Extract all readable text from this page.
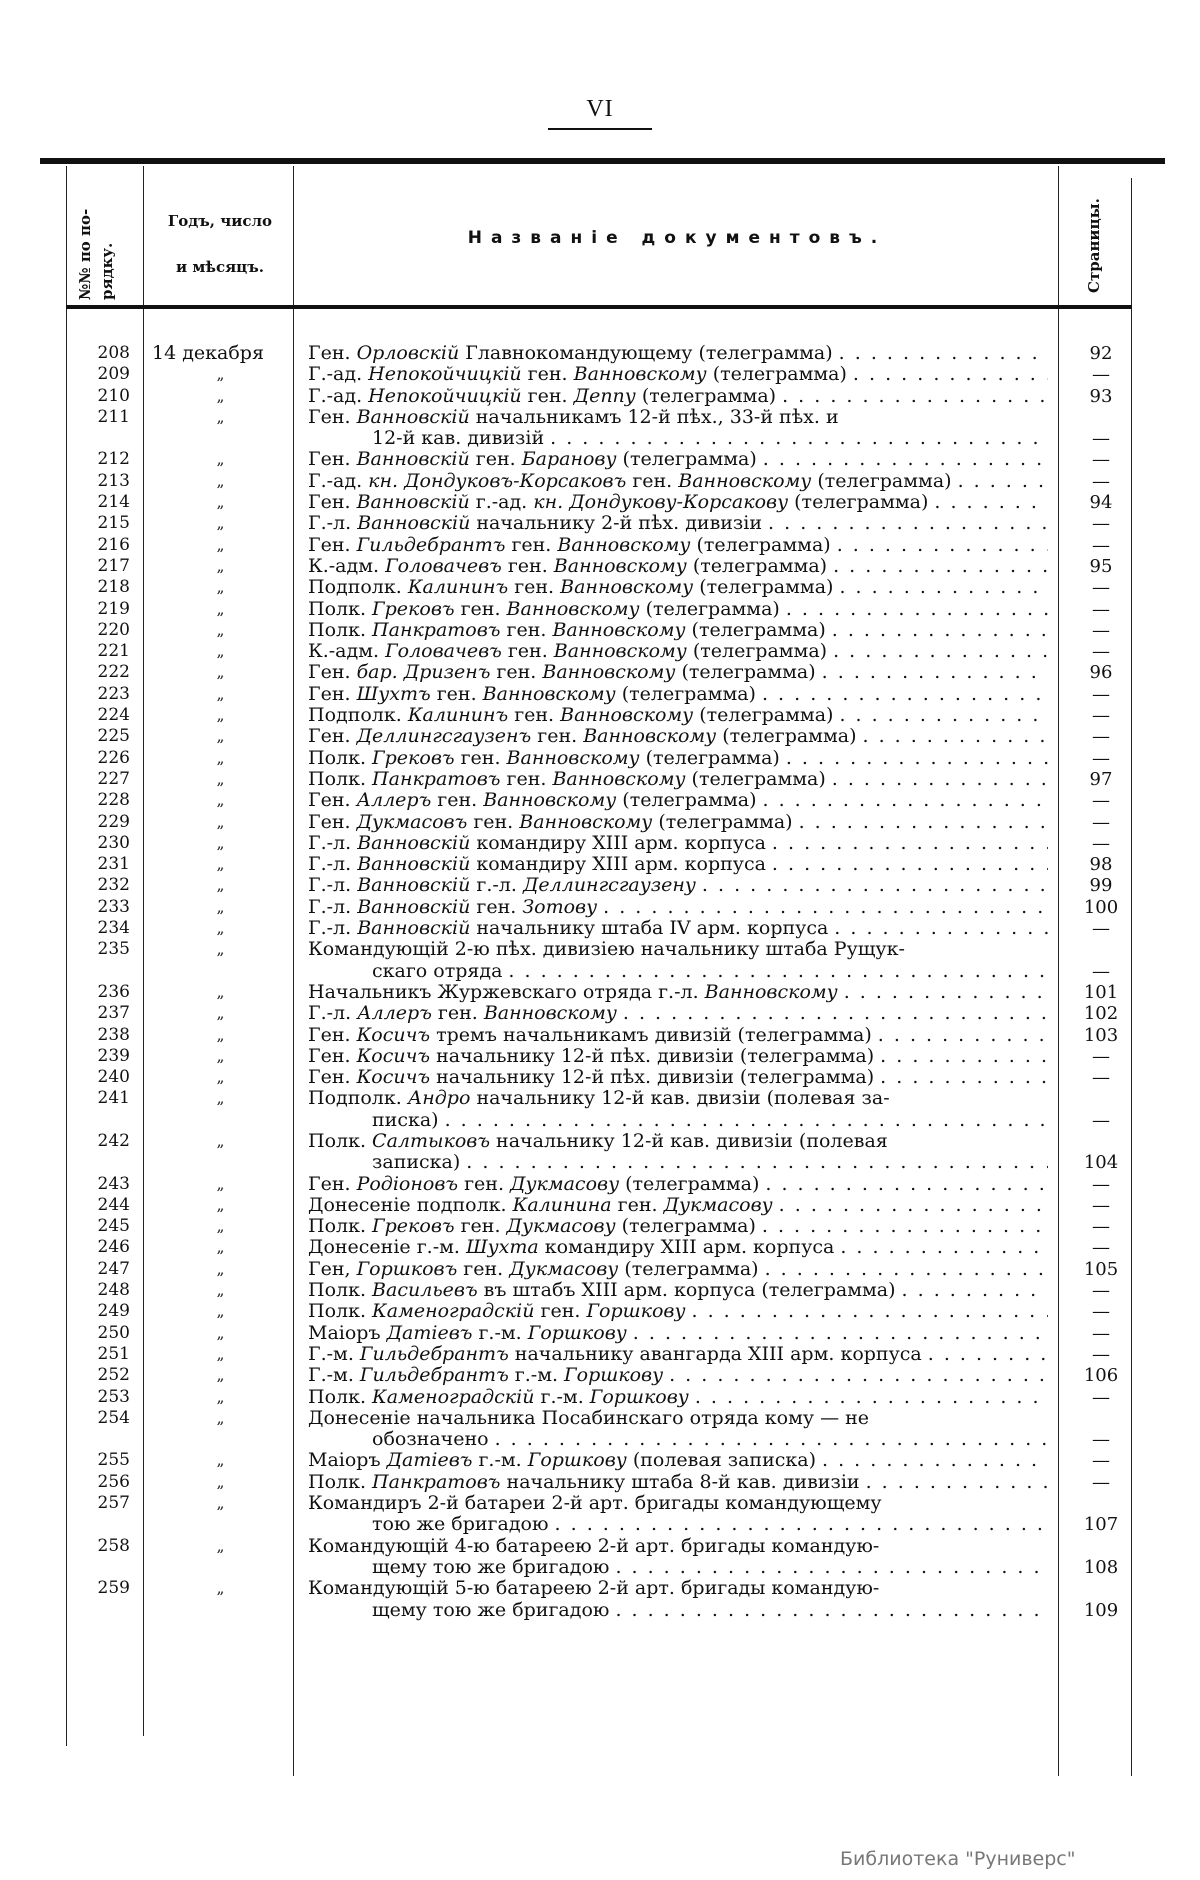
VI
№№ по по- рядку.
Годъ, число
и мѣсяцъ.
Названіе документовъ.	Страницы.
208 14 декабря	Ген. Орловскій Главнокомандующему (телеграмма) . . .	92
209	„	Г.-ад. Непокойчицкій ген. Ванновскому (телеграмма) . . .	—
210	„	Г.-ад. Непокойчицкій ген. Деппу (телеграмма) . . .	93
211	„	Ген. Ванновскій начальникамъ 12-й пѣх., 33-й пѣх. и
12-й кав. дивизій . . .	—
212	„	Ген. Ванновскій ген. Баранову (телеграмма) . . .	—
213	„	Г.-ад. кн. Дондуковъ-Корсаковъ ген. Ванновскому (телеграмма) . . .	—
214	„	Ген. Ванновскій г.-ад. кн. Дондукову-Корсакову (телеграмма) . . .	94
215	„	Г.-л. Ванновскій начальнику 2-й пѣх. дивизіи . . .	—
216	„	Ген. Гильдебрантъ ген. Ванновскому (телеграмма) . . .	—
217	„	К.-адм. Головачевъ ген. Ванновскому (телеграмма) . . .	95
218	„	Подполк. Калининъ ген. Ванновскому (телеграмма) . . .	—
219	„	Полк. Грековъ ген. Ванновскому (телеграмма) . . .	—
220	„	Полк. Панкратовъ ген. Ванновскому (телеграмма) . . .	—
221	„	К.-адм. Головачевъ ген. Ванновскому (телеграмма) . . .	—
222	„	Ген. бар. Дризенъ ген. Ванновскому (телеграмма) . . .	96
223	„	Ген. Шухтъ ген. Ванновскому (телеграмма) . . .	—
224	„	Подполк. Калининъ ген. Ванновскому (телеграмма) . . .	—
225	„	Ген. Деллингсгаузенъ ген. Ванновскому (телеграмма) . . .	—
226	„	Полк. Грековъ ген. Ванновскому (телеграмма) . . .	—
227	„	Полк. Панкратовъ ген. Ванновскому (телеграмма) . . .	97
228	„	Ген. Аллеръ ген. Ванновскому (телеграмма) . . .	—
229	„	Ген. Дукмасовъ ген. Ванновскому (телеграмма) . . .	—
230	„	Г.-л. Ванновскій командиру XIII арм. корпуса . . .	—
231	„	Г.-л. Ванновскій командиру XIII арм. корпуса . . .	98
232	„	Г.-л. Ванновскій г.-л. Деллингсгаузену . . .	99
233	„	Г.-л. Ванновскій ген. Зотову . . .	100
234	„	Г.-л. Ванновскій начальнику штаба IV арм. корпуса . . .	—
235	„	Командующій 2-ю пѣх. дивизіею начальнику штаба Рущук-
скаго отряда . . .	—
236	„	Начальникъ Журжевскаго отряда г.-л. Ванновскому . . .	101
237	„	Г.-л. Аллеръ ген. Ванновскому . . .	102
238	„	Ген. Косичъ тремъ начальникамъ дивизій (телеграмма) . . .	103
239	„	Ген. Косичъ начальнику 12-й пѣх. дивизіи (телеграмма) . . .	—
240	„	Ген. Косичъ начальнику 12-й пѣх. дивизіи (телеграмма) . . .	—
241	„	Подполк. Андро начальнику 12-й кав. двизіи (полевая за-
писка) . . .	—
242	„	Полк. Салтыковъ начальнику 12-й кав. дивизіи (полевая
записка) . . .	104
243	„	Ген. Родіоновъ ген. Дукмасову (телеграмма) . . .	—
244	„	Донесеніе подполк. Калинина ген. Дукмасову . . .	—
245	„	Полк. Грековъ ген. Дукмасову (телеграмма) . . .	—
246	„	Донесеніе г.-м. Шухта командиру XIII арм. корпуса . . .	—
247	„	Ген, Горшковъ ген. Дукмасову (телеграмма) . . .	105
248	„	Полк. Васильевъ въ штабъ XIII арм. корпуса (телеграмма) . . .	—
249	„	Полк. Каменоградскій ген. Горшкову . . .	—
250	„	Маіоръ Датіевъ г.-м. Горшкову . . .	—
251	„	Г.-м. Гильдебрантъ начальнику авангарда XIII арм. корпуса . . .	—
252	„	Г.-м. Гильдебрантъ г.-м. Горшкову . . .	106
253	„	Полк. Каменоградскій г.-м. Горшкову . . .	—
254	„	Донесеніе начальника Посабинскаго отряда кому — не
обозначено . . .	—
255	„	Маіоръ Датіевъ г.-м. Горшкову (полевая записка) . . .	—
256	„	Полк. Панкратовъ начальнику штаба 8-й кав. дивизіи . . .	—
257	„	Командиръ 2-й батареи 2-й арт. бригады командующему
тою же бригадою . . .	107
258	„	Командующій 4-ю батареею 2-й арт. бригады командую-
щему тою же бригадою . . .	108
259	„	Командующій 5-ю батареею 2-й арт. бригады командую-
щему тою же бригадою . . .	109
Библиотека "Руниверс"
